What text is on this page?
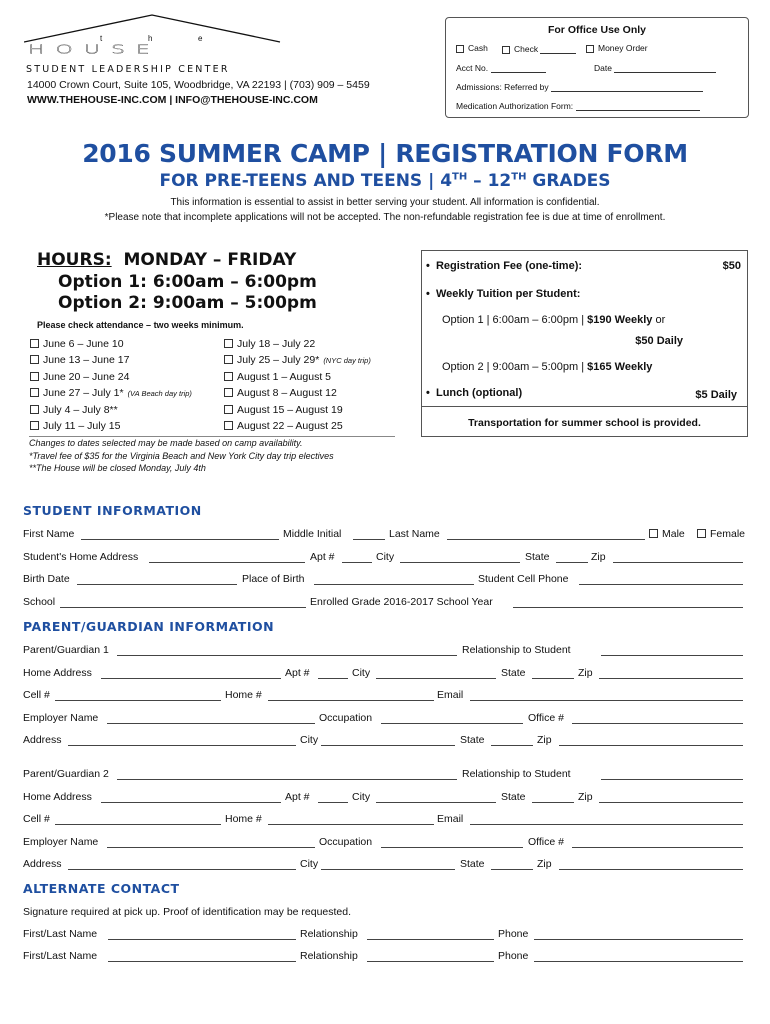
t	h	e
HOUSE
STUDENT LEADERSHIP CENTER
14000 Crown Court, Suite 105, Woodbridge, VA 22193 | (703) 909 – 5459
WWW.THEHOUSE-INC.COM | INFO@THEHOUSE-INC.COM
For Office Use Only
Cash	Check	Money Order
Acct No.	Date
Admissions: Referred by
Medication Authorization Form:
2016 SUMMER CAMP | REGISTRATION FORM
FOR PRE-TEENS AND TEENS | 4TH – 12TH GRADES
This information is essential to assist in better serving your student. All information is confidential.
*Please note that incomplete applications will not be accepted. The non-refundable registration fee is due at time of enrollment.
HOURS: MONDAY – FRIDAY
Option 1: 6:00am – 6:00pm
Option 2: 9:00am – 5:00pm
Please check attendance – two weeks minimum.
June 6 – June 10
June 13 – June 17
June 20 – June 24
June 27 – July 1* (VA Beach day trip)
July 4 – July 8**
July 11 – July 15
July 18 – July 22
July 25 – July 29* (NYC day trip)
August 1 – August 5
August 8 – August 12
August 15 – August 19
August 22 – August 25
Changes to dates selected may be made based on camp availability.
*Travel fee of $35 for the Virginia Beach and New York City day trip electives
**The House will be closed Monday, July 4th
•  Registration Fee (one-time):	$50
•  Weekly Tuition per Student:
Option 1 | 6:00am – 6:00pm | $190 Weekly or
$50 Daily
Option 2 | 9:00am – 5:00pm | $165 Weekly
•  Lunch (optional)	$5 Daily
Transportation for summer school is provided.
STUDENT INFORMATION
First Name	Middle Initial	Last Name	Male	Female
Student's Home Address	Apt #	City	State	Zip
Birth Date	Place of Birth	Student Cell Phone
School	Enrolled Grade 2016-2017 School Year
PARENT/GUARDIAN INFORMATION
Parent/Guardian 1	Relationship to Student
Home Address	Apt #	City	State	Zip
Cell #	Home #	Email
Employer Name	Occupation	Office #
Address	City	State	Zip
Parent/Guardian 2	Relationship to Student
Home Address	Apt #	City	State	Zip
Cell #	Home #	Email
Employer Name	Occupation	Office #
Address	City	State	Zip
ALTERNATE CONTACT
Signature required at pick up. Proof of identification may be requested.
First/Last Name	Relationship	Phone
First/Last Name	Relationship	Phone
